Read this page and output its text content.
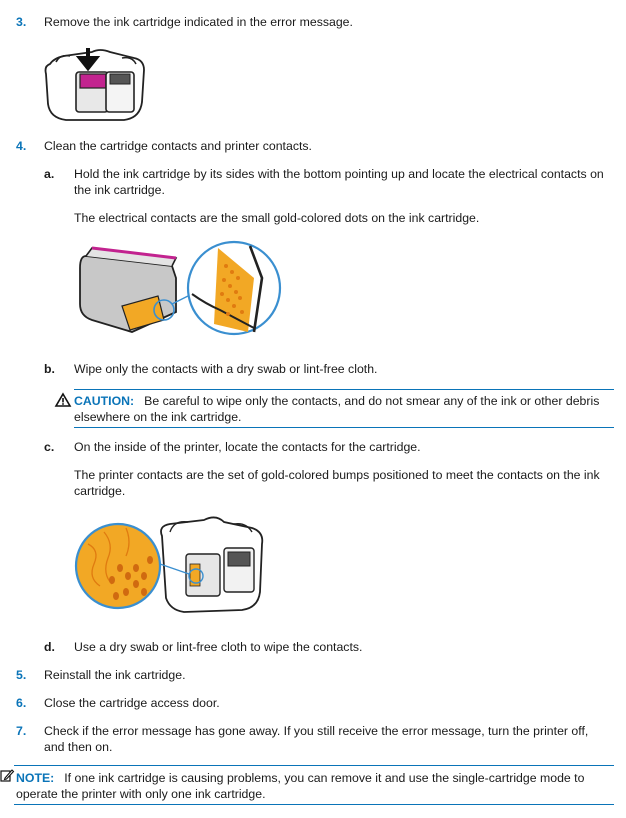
3. Remove the ink cartridge indicated in the error message.
4. Clean the cartridge contacts and printer contacts.
a. Hold the ink cartridge by its sides with the bottom pointing up and locate the electrical contacts on the ink cartridge.
The electrical contacts are the small gold-colored dots on the ink cartridge.
b. Wipe only the contacts with a dry swab or lint-free cloth.
CAUTION: Be careful to wipe only the contacts, and do not smear any of the ink or other debris elsewhere on the ink cartridge.
c. On the inside of the printer, locate the contacts for the cartridge.
The printer contacts are the set of gold-colored bumps positioned to meet the contacts on the ink cartridge.
d. Use a dry swab or lint-free cloth to wipe the contacts.
5. Reinstall the ink cartridge.
6. Close the cartridge access door.
7. Check if the error message has gone away. If you still receive the error message, turn the printer off, and then on.
NOTE: If one ink cartridge is causing problems, you can remove it and use the single-cartridge mode to operate the printer with only one ink cartridge.
